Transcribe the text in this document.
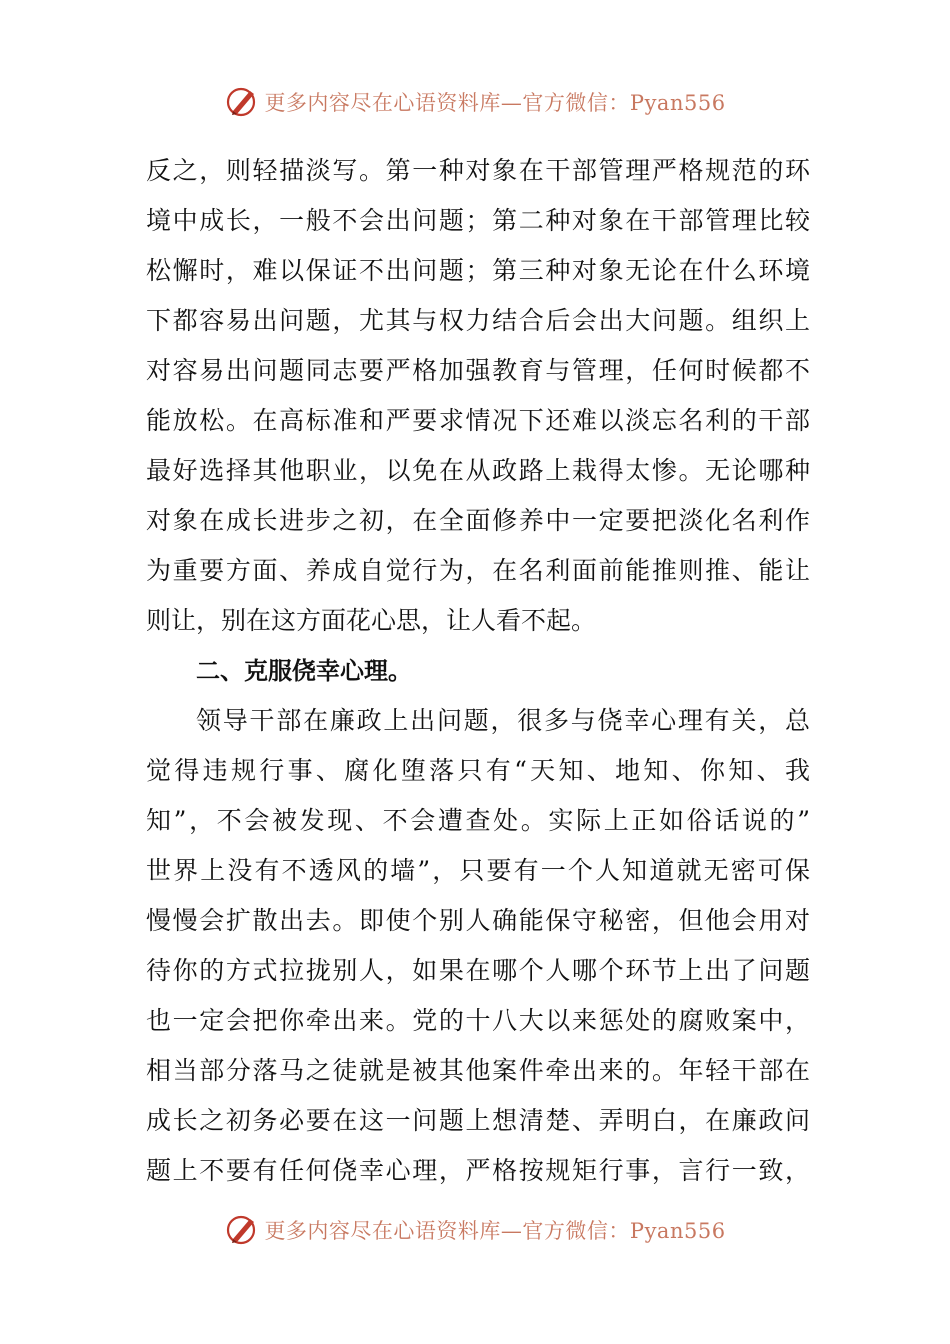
更多内容尽在心语资料库—官方微信：Pyan556
反之，则轻描淡写。第一种对象在干部管理严格规范的环
境中成长，一般不会出问题；第二种对象在干部管理比较
松懈时，难以保证不出问题；第三种对象无论在什么环境
下都容易出问题，尤其与权力结合后会出大问题。组织上
对容易出问题同志要严格加强教育与管理，任何时候都不
能放松。在高标准和严要求情况下还难以淡忘名利的干部
最好选择其他职业，以免在从政路上栽得太惨。无论哪种
对象在成长进步之初，在全面修养中一定要把淡化名利作
为重要方面、养成自觉行为，在名利面前能推则推、能让
则让，别在这方面花心思，让人看不起。
二、克服侥幸心理。
领导干部在廉政上出问题，很多与侥幸心理有关，总
觉得违规行事、腐化堕落只有“天知、地知、你知、我
知”，不会被发现、不会遭查处。实际上正如俗话说的”
世界上没有不透风的墙”，只要有一个人知道就无密可保
慢慢会扩散出去。即使个别人确能保守秘密，但他会用对
待你的方式拉拢别人，如果在哪个人哪个环节上出了问题
也一定会把你牵出来。党的十八大以来惩处的腐败案中，
相当部分落马之徒就是被其他案件牵出来的。年轻干部在
成长之初务必要在这一问题上想清楚、弄明白，在廉政问
题上不要有任何侥幸心理，严格按规矩行事，言行一致，
更多内容尽在心语资料库—官方微信：Pyan556
